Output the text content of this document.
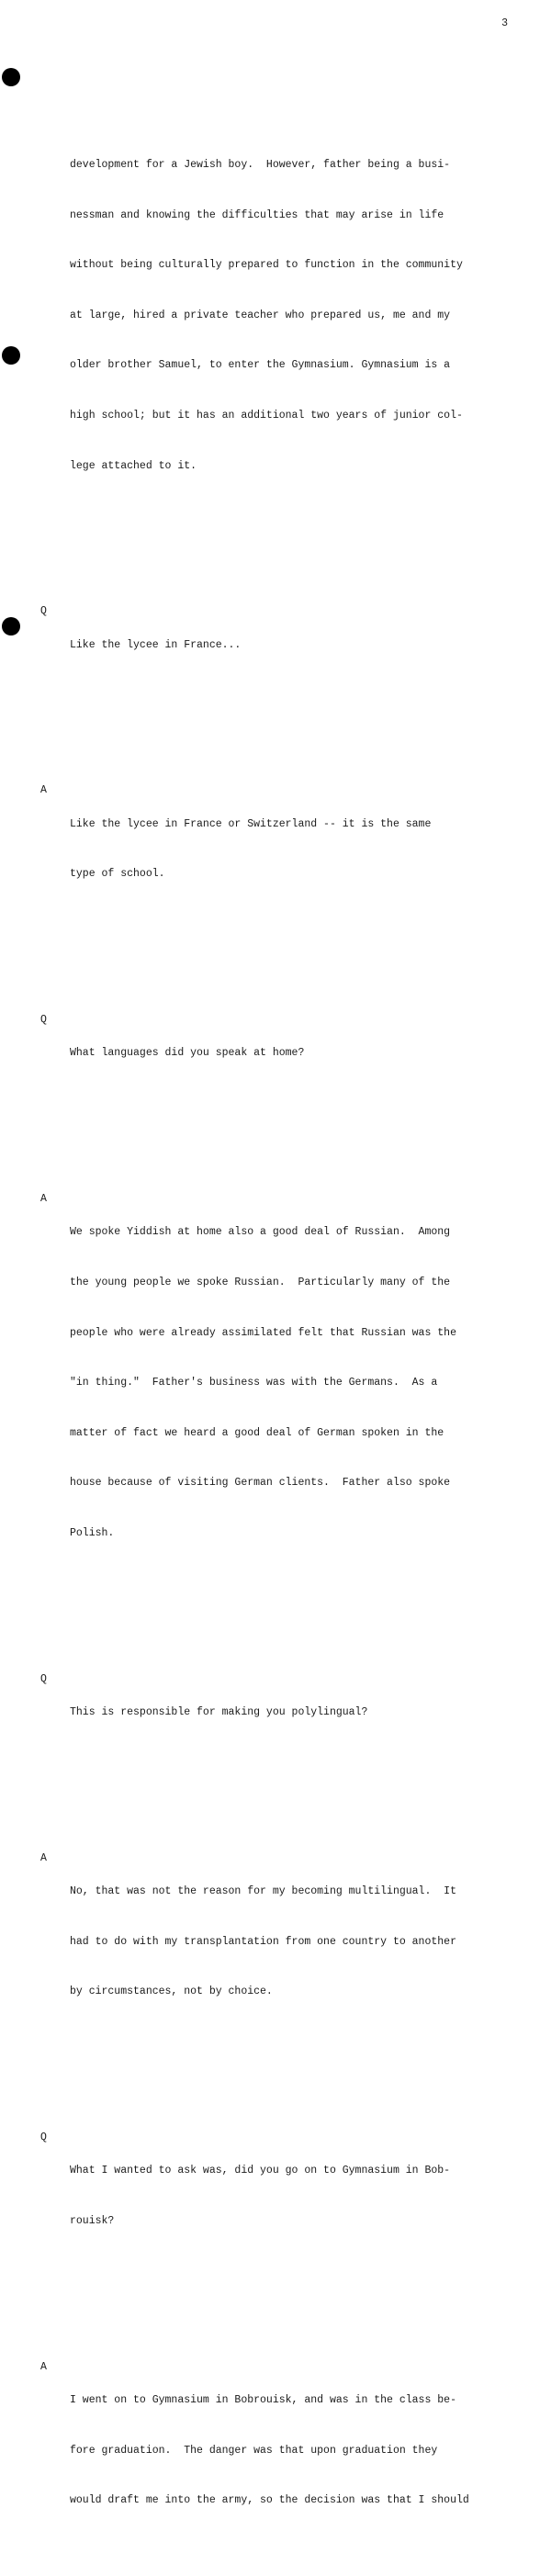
3

development for a Jewish boy.  However, father being a busi-

nessman and knowing the difficulties that may arise in life

without being culturally prepared to function in the community

at large, hired a private teacher who prepared us, me and my

older brother Samuel, to enter the Gymnasium. Gymnasium is a

high school; but it has an additional two years of junior col-

lege attached to it.

Q

Like the lycee in France...

A

Like the lycee in France or Switzerland -- it is the same

type of school.

Q

What languages did you speak at home?

A

We spoke Yiddish at home also a good deal of Russian.  Among

the young people we spoke Russian.  Particularly many of the

people who were already assimilated felt that Russian was the

"in thing."  Father's business was with the Germans.  As a

matter of fact we heard a good deal of German spoken in the

house because of visiting German clients.  Father also spoke

Polish.

Q

This is responsible for making you polylingual?

A

No, that was not the reason for my becoming multilingual.  It

had to do with my transplantation from one country to another

by circumstances, not by choice.

Q

What I wanted to ask was, did you go on to Gymnasium in Bob-

rouisk?

A

I went on to Gymnasium in Bobrouisk, and was in the class be-

fore graduation.  The danger was that upon graduation they

would draft me into the army, so the decision was that I should
